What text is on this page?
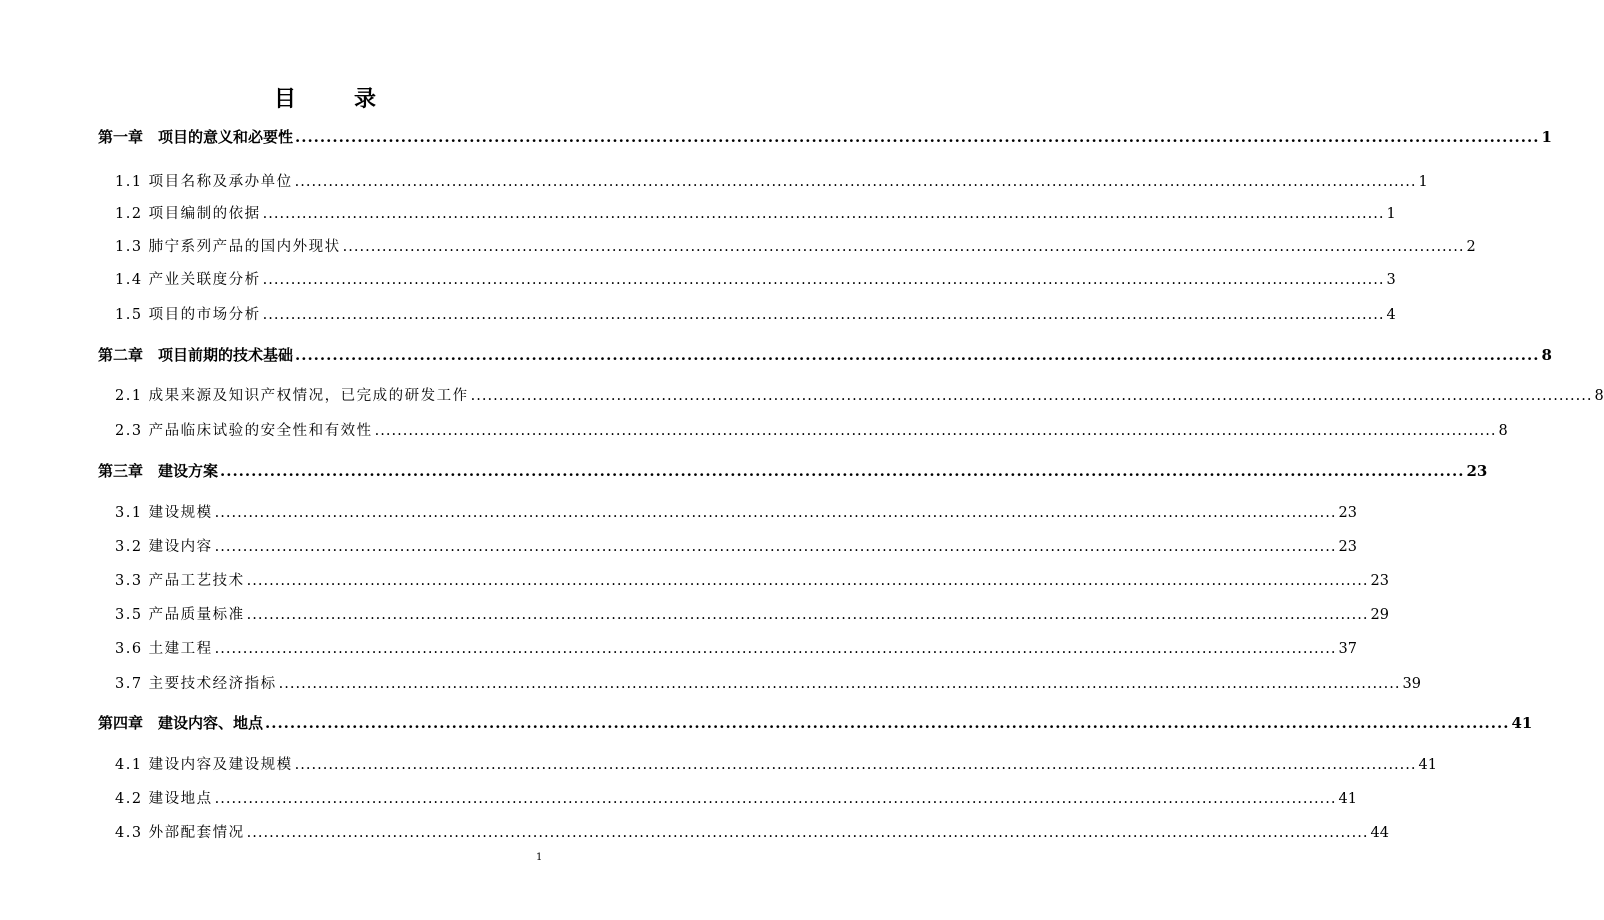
目　录
第一章　项目的意义和必要性 ........................................................................................................................................................................................................ 1
1.1 项目名称及承办单位 ........................................................................................................................................................................................................ 1
1.2 项目编制的依据 ........................................................................................................................................................................................................ 1
1.3 肺宁系列产品的国内外现状 ........................................................................................................................................................................................................ 2
1.4 产业关联度分析 ........................................................................................................................................................................................................ 3
1.5 项目的市场分析 ........................................................................................................................................................................................................ 4
第二章　项目前期的技术基础 ........................................................................................................................................................................................................ 8
2.1 成果来源及知识产权情况，已完成的研发工作 ........................................................................................................................................................................................................ 8
2.3 产品临床试验的安全性和有效性 ........................................................................................................................................................................................................ 8
第三章　建设方案 ........................................................................................................................................................................................................ 23
3.1 建设规模 ........................................................................................................................................................................................................ 23
3.2 建设内容 ........................................................................................................................................................................................................ 23
3.3 产品工艺技术 ........................................................................................................................................................................................................ 23
3.5 产品质量标准 ........................................................................................................................................................................................................ 29
3.6 土建工程 ........................................................................................................................................................................................................ 37
3.7 主要技术经济指标 ........................................................................................................................................................................................................ 39
第四章　建设内容、地点 ........................................................................................................................................................................................................ 41
4.1 建设内容及建设规模 ........................................................................................................................................................................................................ 41
4.2 建设地点 ........................................................................................................................................................................................................ 41
4.3 外部配套情况 ........................................................................................................................................................................................................ 44
1
